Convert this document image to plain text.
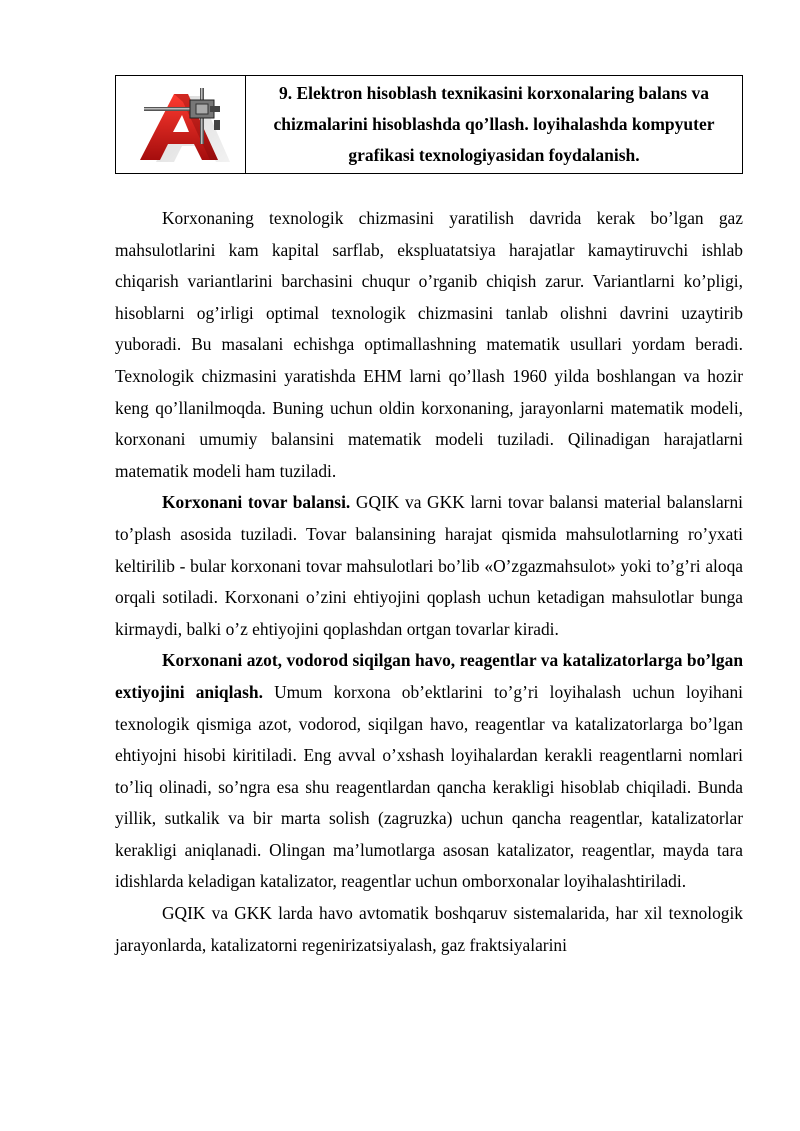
9. Elektron hisoblash texnikasini korxonalaring balans va chizmalarini hisoblashda qo’llash. loyihalashda kompyuter grafikasi texnologiyasidan foydalanish.

Korxonaning texnologik chizmasini yaratilish davrida kerak bo’lgan gaz mahsulotlarini kam kapital sarflab, ekspluatatsiya harajatlar kamaytiruvchi ishlab chiqarish variantlarini barchasini chuqur o’rganib chiqish zarur. Variantlarni ko’pligi, hisoblarni og’irligi optimal texnologik chizmasini tanlab olishni davrini uzaytirib yuboradi. Bu masalani echishga optimallashning matematik usullari yordam beradi. Texnologik chizmasini yaratishda EHM larni qo’llash 1960 yilda boshlangan va hozir keng qo’llanilmoqda. Buning uchun oldin korxonaning, jarayonlarni matematik modeli, korxonani umumiy balansini matematik modeli tuziladi. Qilinadigan harajatlarni matematik modeli ham tuziladi.

Korxonani tovar balansi. GQIK va GKK larni tovar balansi material balanslarni to’plash asosida tuziladi. Tovar balansining harajat qismida mahsulotlarning ro’yxati keltirilib - bular korxonani tovar mahsulotlari bo’lib «O’zgazmahsulot» yoki to’g’ri aloqa orqali sotiladi. Korxonani o’zini ehtiyojini qoplash uchun ketadigan mahsulotlar bunga kirmaydi, balki o’z ehtiyojini qoplashdan ortgan tovarlar kiradi.

Korxonani azot, vodorod siqilgan havo, reagentlar va katalizatorlarga bo’lgan extiyojini aniqlash. Umum korxona ob’ektlarini to’g’ri loyihalash uchun loyihani texnologik qismiga azot, vodorod, siqilgan havo, reagentlar va katalizatorlarga bo’lgan ehtiyojni hisobi kiritiladi. Eng avval o’xshash loyihalardan kerakli reagentlarni nomlari to’liq olinadi, so’ngra esa shu reagentlardan qancha kerakligi hisoblab chiqiladi. Bunda yillik, sutkalik va bir marta solish (zagruzka) uchun qancha reagentlar, katalizatorlar kerakligi aniqlanadi. Olingan ma’lumotlarga asosan katalizator, reagentlar, mayda tara idishlarda keladigan katalizator, reagentlar uchun omborxonalar loyihalashtiriladi.

GQIK va GKK larda havo avtomatik boshqaruv sistemalarida, har xil texnologik jarayonlarda, katalizatorni regenirizatsiyalash, gaz fraktsiyalarini
